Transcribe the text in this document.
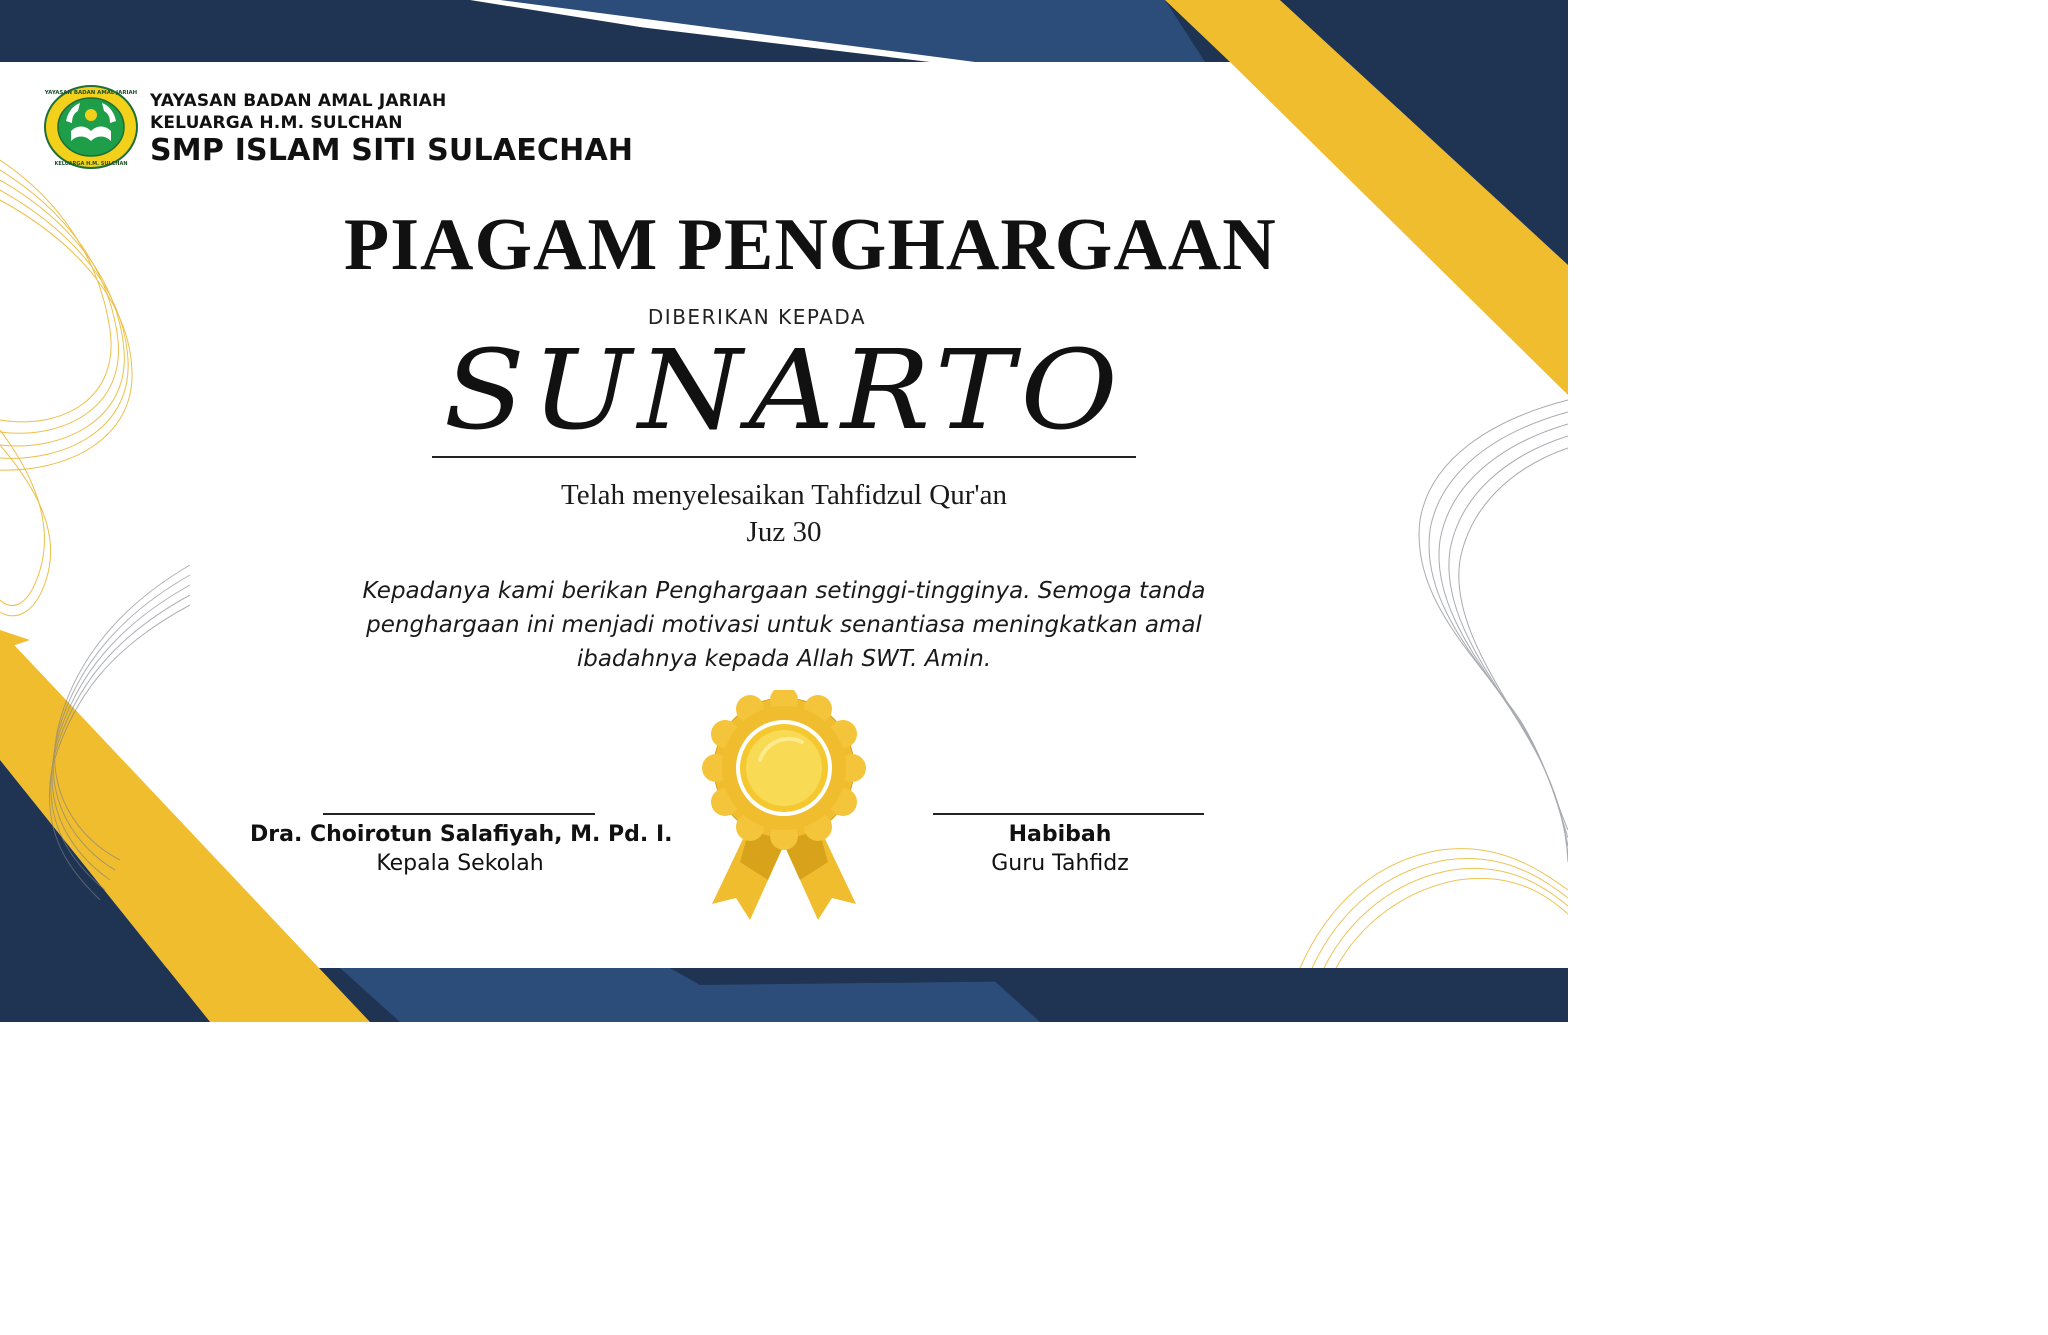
YAYASAN BADAN AMAL JARIAH
KELUARGA H.M. SULCHAN
YAYASAN BADAN AMAL JARIAH
KELUARGA H.M. SULCHAN
SMP ISLAM SITI SULAECHAH
PIAGAM PENGHARGAAN
DIBERIKAN KEPADA
SUNARTO
Telah menyelesaikan Tahfidzul Qur'an
Juz 30
Kepadanya kami berikan Penghargaan setinggi-tingginya. Semoga tanda penghargaan ini menjadi motivasi untuk senantiasa meningkatkan amal ibadahnya kepada Allah SWT. Amin.
Dra. Choirotun Salafiyah, M. Pd. I.
Kepala Sekolah
Habibah
Guru Tahfidz
